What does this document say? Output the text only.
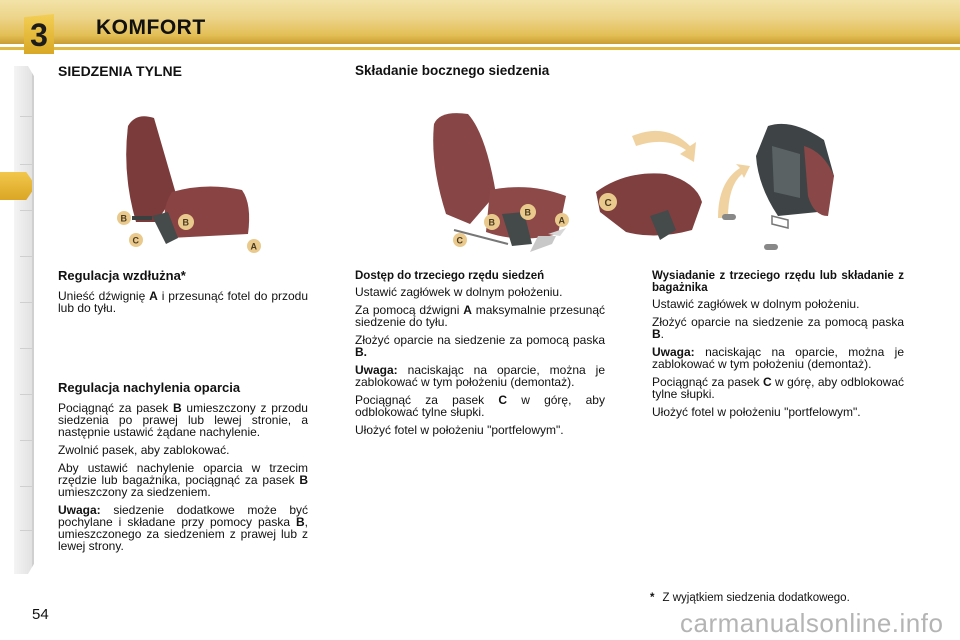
3 KOMFORT
SIEDZENIA TYLNE	Składanie bocznego siedzenia
B	B
C
A
B
B
C
A
C
Regulacja wzdłużna*

Unieść dźwignię A i przesunąć fotel do przodu lub do tyłu.

Regulacja nachylenia oparcia

Pociągnąć za pasek B umieszczony z przodu siedzenia po prawej lub lewej stronie, a następnie ustawić żądane nachylenie.

Zwolnić pasek, aby zablokować.

Aby ustawić nachylenie oparcia w trzecim rzędzie lub bagażnika, pociągnąć za pasek B umieszczony za siedzeniem.

Uwaga: siedzenie dodatkowe może być pochylane i składane przy pomocy paska B, umieszczonego za siedzeniem z prawej lub z lewej strony.

Dostęp do trzeciego rzędu siedzeń

Ustawić zagłówek w dolnym położeniu.

Za pomocą dźwigni A maksymalnie przesunąć siedzenie do tyłu.

Złożyć oparcie na siedzenie za pomocą paska B.

Uwaga: naciskając na oparcie, można je zablokować w tym położeniu (demontaż).

Pociągnąć za pasek C w górę, aby odblokować tylne słupki.

Ułożyć fotel w położeniu "portfelowym".

Wysiadanie z trzeciego rzędu lub składanie z bagażnika

Ustawić zagłówek w dolnym położeniu.

Złożyć oparcie na siedzenie za pomocą paska B.

Uwaga: naciskając na oparcie, można je zablokować w tym położeniu (demontaż).

Pociągnąć za pasek C w górę, aby odblokować tylne słupki.

Ułożyć fotel w położeniu "portfelowym".

54
* Z wyjątkiem siedzenia dodatkowego.
carmanualsonline.info
